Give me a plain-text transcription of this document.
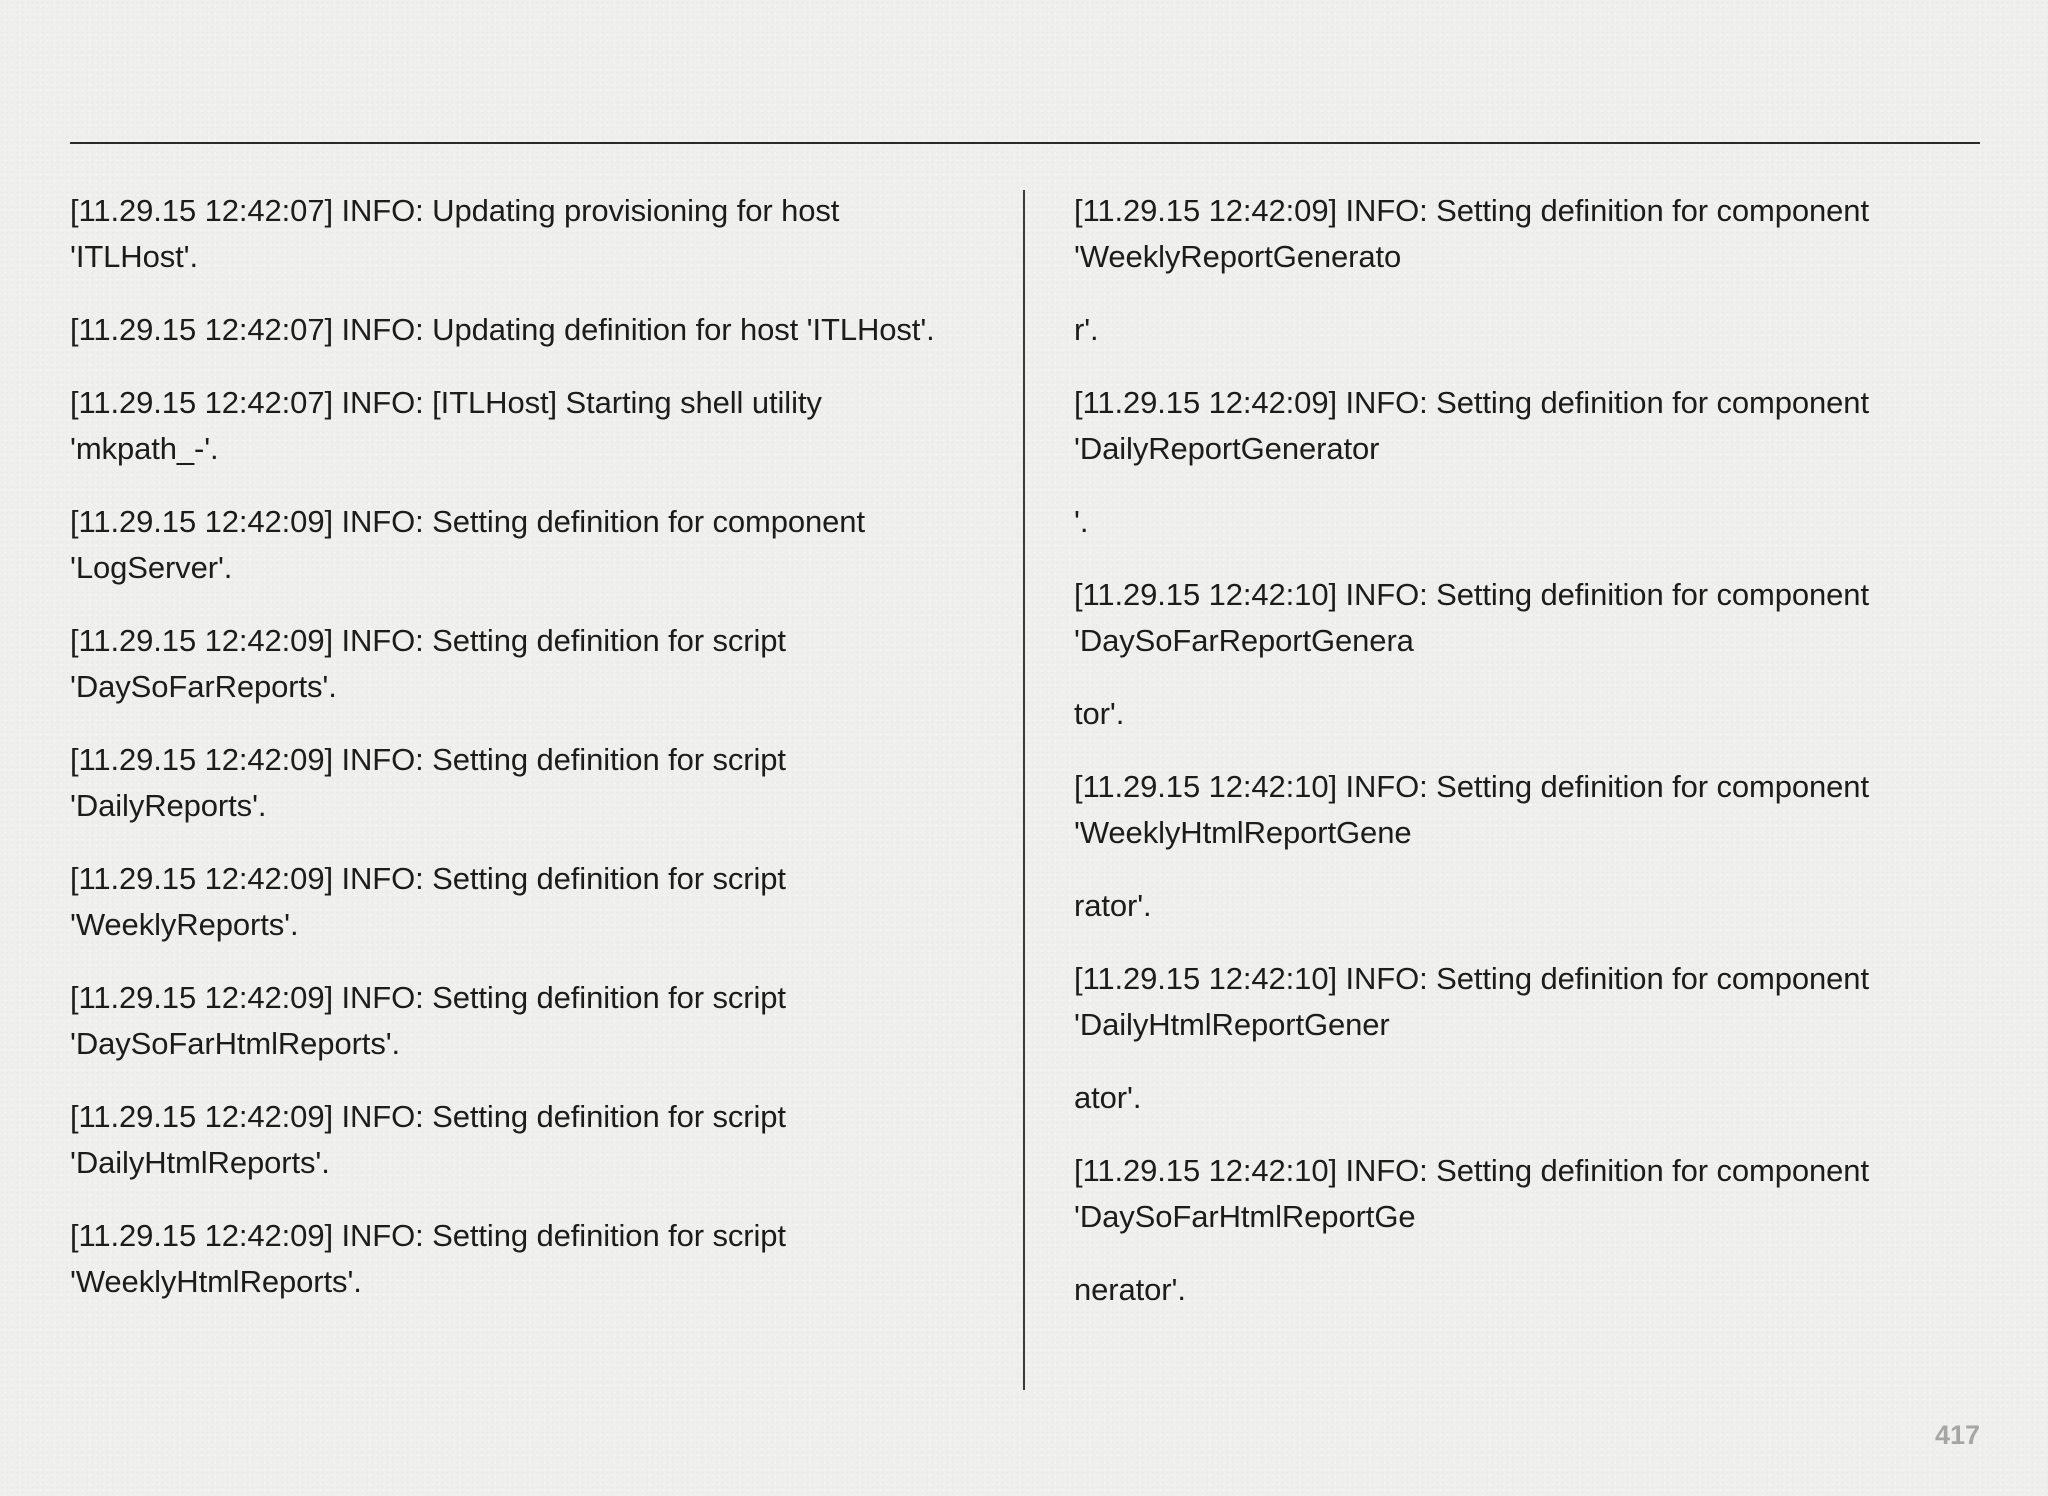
[11.29.15 12:42:07] INFO: Updating provisioning for host
'ITLHost'.

[11.29.15 12:42:07] INFO: Updating definition for host 'ITLHost'.

[11.29.15 12:42:07] INFO: [ITLHost] Starting shell utility
'mkpath_-'.

[11.29.15 12:42:09] INFO: Setting definition for component
'LogServer'.

[11.29.15 12:42:09] INFO: Setting definition for script
'DaySoFarReports'.

[11.29.15 12:42:09] INFO: Setting definition for script
'DailyReports'.

[11.29.15 12:42:09] INFO: Setting definition for script
'WeeklyReports'.

[11.29.15 12:42:09] INFO: Setting definition for script
'DaySoFarHtmlReports'.

[11.29.15 12:42:09] INFO: Setting definition for script
'DailyHtmlReports'.

[11.29.15 12:42:09] INFO: Setting definition for script
'WeeklyHtmlReports'.

[11.29.15 12:42:09] INFO: Setting definition for component
'WeeklyReportGenerato

r'.

[11.29.15 12:42:09] INFO: Setting definition for component
'DailyReportGenerator

'.

[11.29.15 12:42:10] INFO: Setting definition for component
'DaySoFarReportGenera

tor'.

[11.29.15 12:42:10] INFO: Setting definition for component
'WeeklyHtmlReportGene

rator'.

[11.29.15 12:42:10] INFO: Setting definition for component
'DailyHtmlReportGener

ator'.

[11.29.15 12:42:10] INFO: Setting definition for component
'DaySoFarHtmlReportGe

nerator'.

417
